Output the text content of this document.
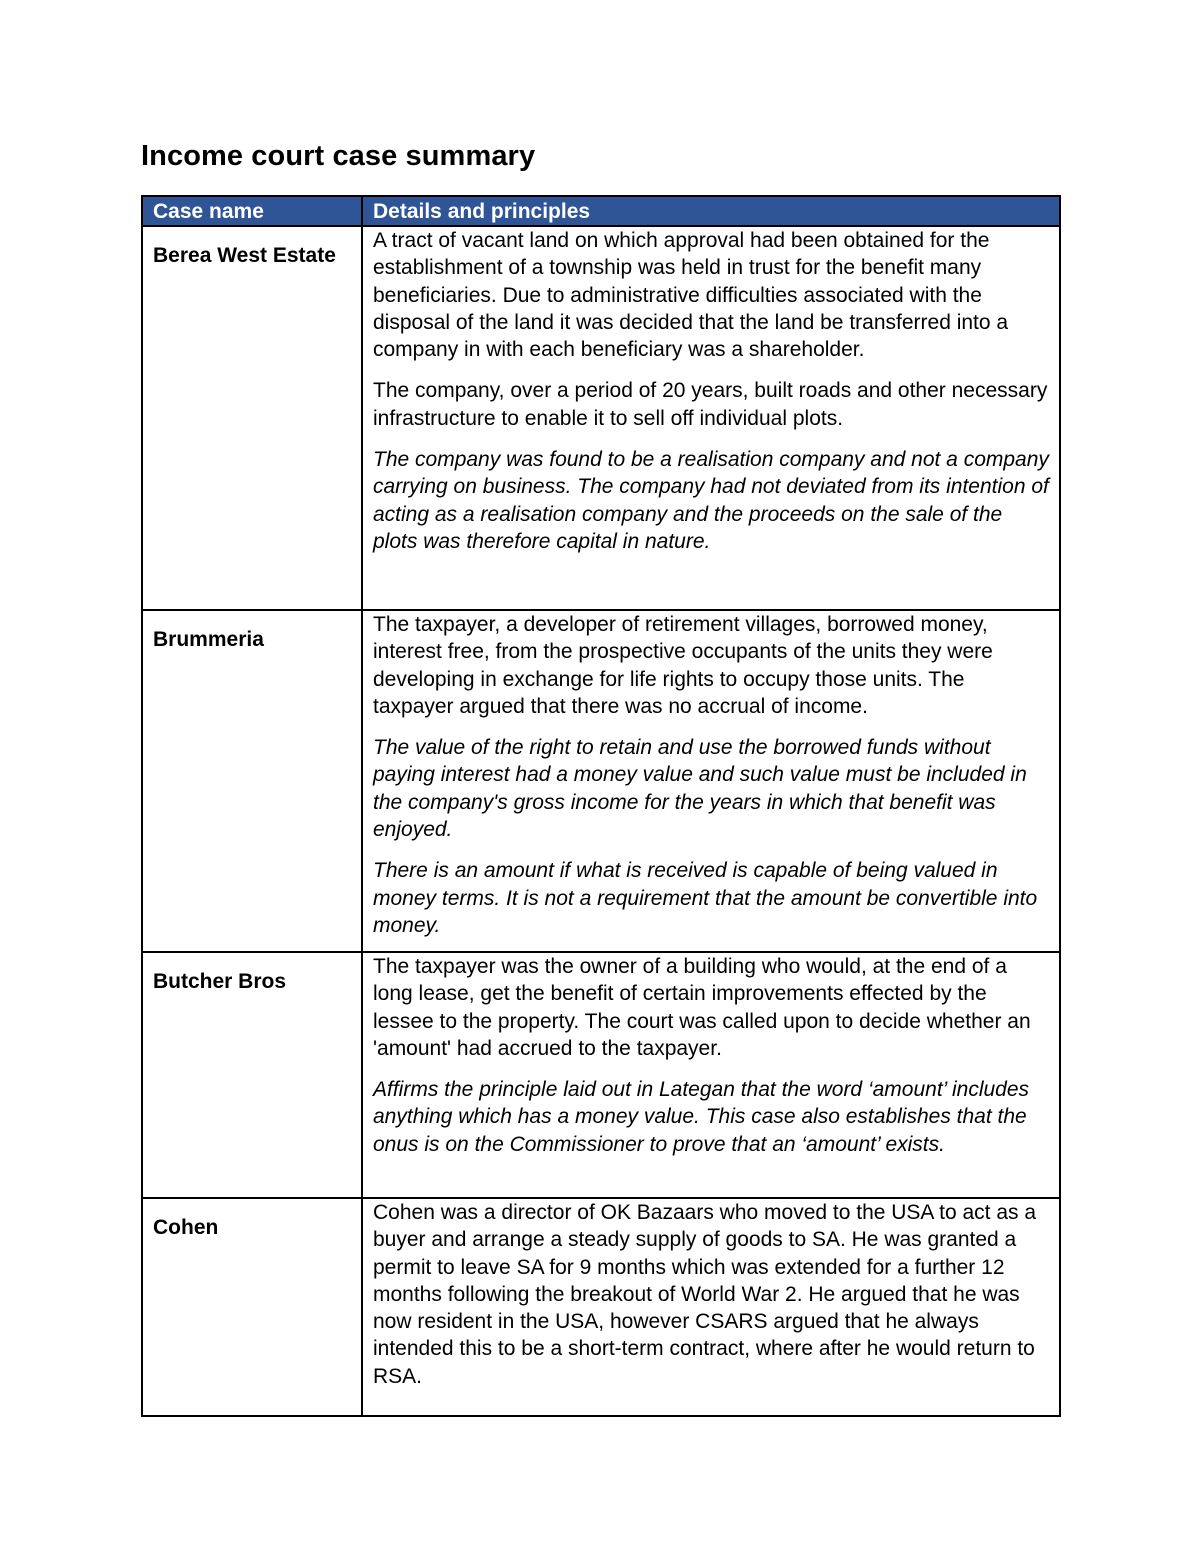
Income court case summary
Case name	Details and principles
Berea West Estate	A tract of vacant land on which approval had been obtained for the establishment of a township was held in trust for the benefit many beneficiaries. Due to administrative difficulties associated with the disposal of the land it was decided that the land be transferred into a company in with each beneficiary was a shareholder.

The company, over a period of 20 years, built roads and other necessary infrastructure to enable it to sell off individual plots.

The company was found to be a realisation company and not a company carrying on business. The company had not deviated from its intention of acting as a realisation company and the proceeds on the sale of the plots was therefore capital in nature.

Brummeria	The taxpayer, a developer of retirement villages, borrowed money, interest free, from the prospective occupants of the units they were developing in exchange for life rights to occupy those units. The taxpayer argued that there was no accrual of income.

The value of the right to retain and use the borrowed funds without paying interest had a money value and such value must be included in the company's gross income for the years in which that benefit was enjoyed.

There is an amount if what is received is capable of being valued in money terms. It is not a requirement that the amount be convertible into money.

Butcher Bros	The taxpayer was the owner of a building who would, at the end of a long lease, get the benefit of certain improvements effected by the lessee to the property. The court was called upon to decide whether an 'amount' had accrued to the taxpayer.

Affirms the principle laid out in Lategan that the word ‘amount’ includes anything which has a money value. This case also establishes that the onus is on the Commissioner to prove that an ‘amount’ exists.

Cohen	Cohen was a director of OK Bazaars who moved to the USA to act as a buyer and arrange a steady supply of goods to SA. He was granted a permit to leave SA for 9 months which was extended for a further 12 months following the breakout of World War 2. He argued that he was now resident in the USA, however CSARS argued that he always intended this to be a short-term contract, where after he would return to RSA.
